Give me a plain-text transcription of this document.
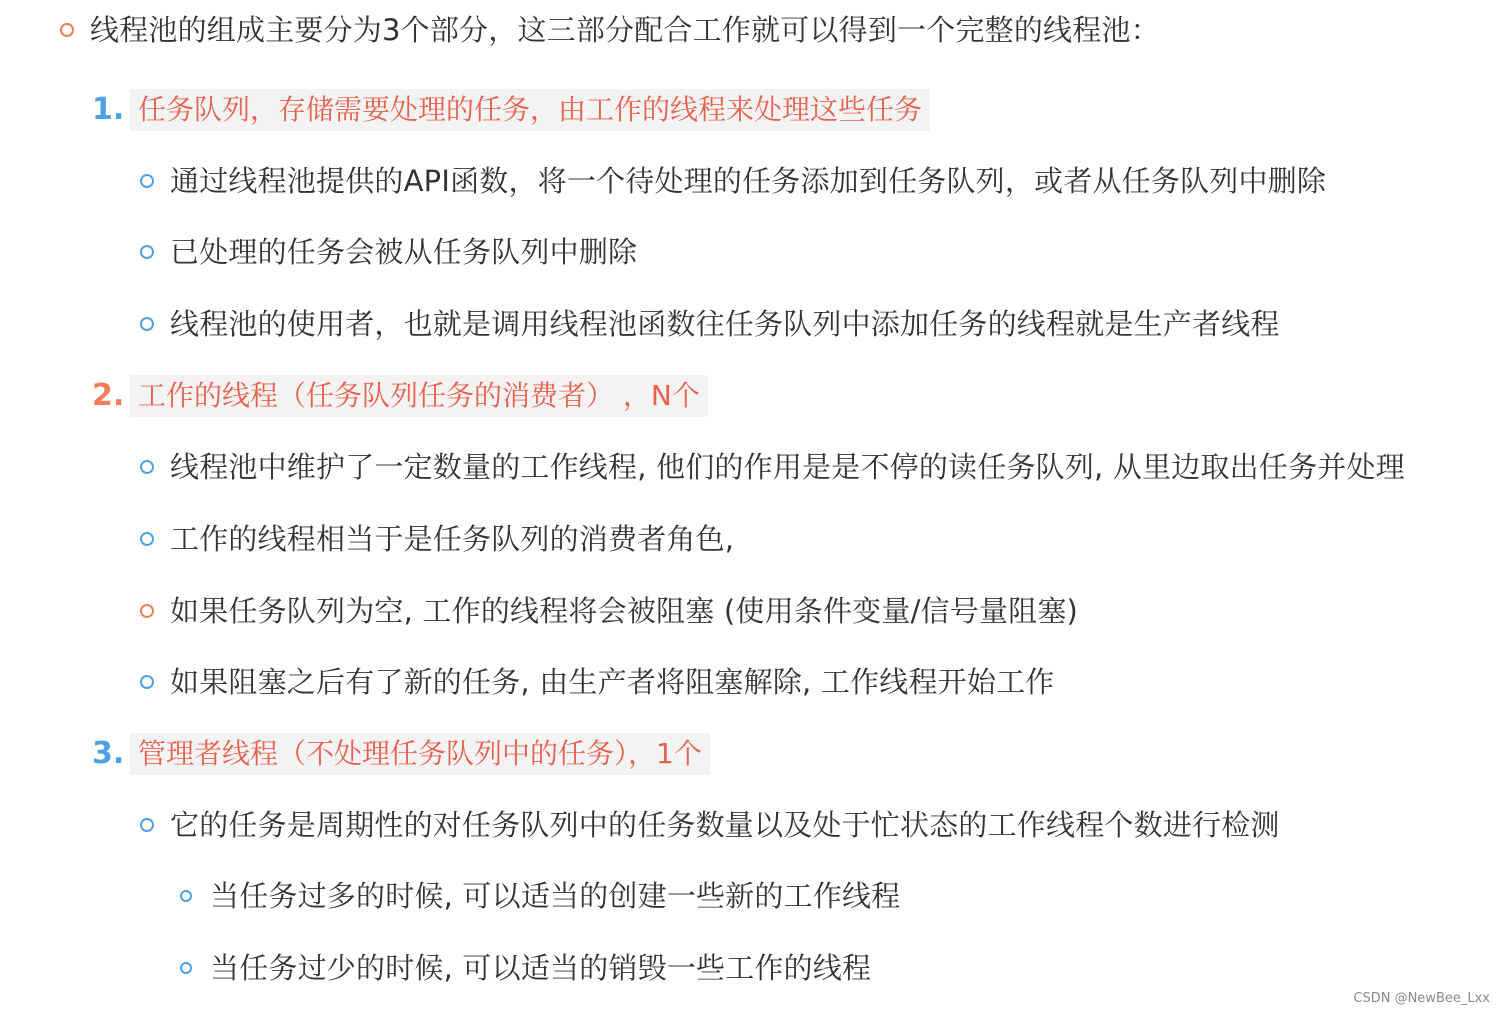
线程池的组成主要分为3个部分，这三部分配合工作就可以得到一个完整的线程池：
1. 任务队列，存储需要处理的任务，由工作的线程来处理这些任务
通过线程池提供的API函数，将一个待处理的任务添加到任务队列，或者从任务队列中删除
已处理的任务会被从任务队列中删除
线程池的使用者，也就是调用线程池函数往任务队列中添加任务的线程就是生产者线程
2. 工作的线程（任务队列任务的消费者） ，N个
线程池中维护了一定数量的工作线程, 他们的作用是是不停的读任务队列, 从里边取出任务并处理
工作的线程相当于是任务队列的消费者角色,
如果任务队列为空, 工作的线程将会被阻塞 (使用条件变量/信号量阻塞)
如果阻塞之后有了新的任务, 由生产者将阻塞解除, 工作线程开始工作
3. 管理者线程（不处理任务队列中的任务），1个
它的任务是周期性的对任务队列中的任务数量以及处于忙状态的工作线程个数进行检测
当任务过多的时候, 可以适当的创建一些新的工作线程
当任务过少的时候, 可以适当的销毁一些工作的线程
CSDN @NewBee_Lxx
